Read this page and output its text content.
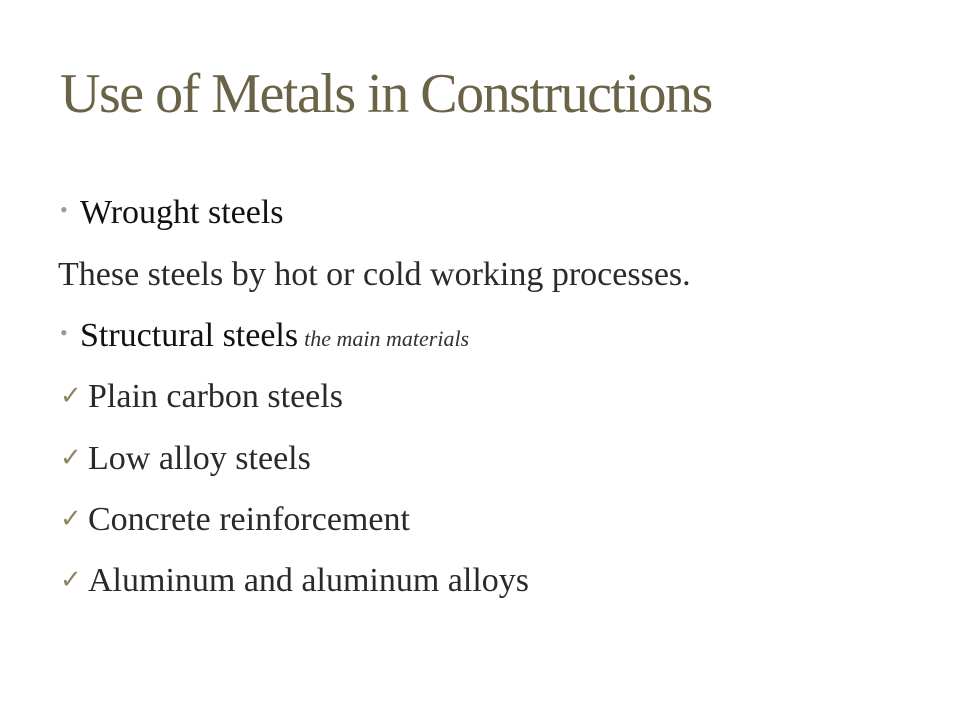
Use of Metals in Constructions
• Wrought steels
These steels by hot or cold working processes.
• Structural steels the main materials
✓ Plain carbon steels
✓ Low alloy steels
✓ Concrete reinforcement
✓ Aluminum and aluminum alloys
